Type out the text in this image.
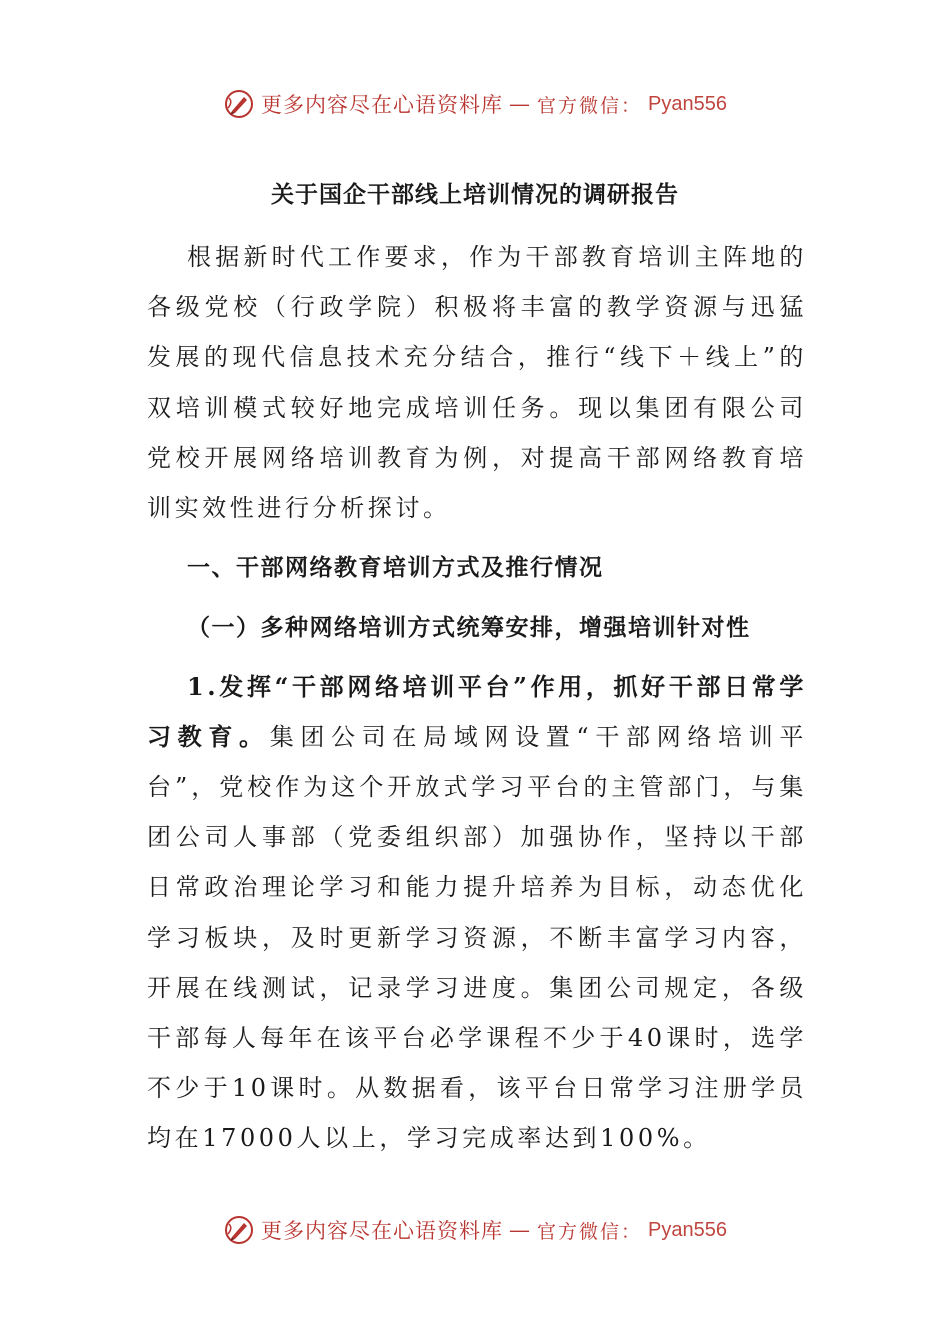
更多内容尽在心语资料库 — 官方微信： Pyan556
关于国企干部线上培训情况的调研报告

根据新时代工作要求，作为干部教育培训主阵地的各级党校（行政学院）积极将丰富的教学资源与迅猛发展的现代信息技术充分结合，推行“线下＋线上”的双培训模式较好地完成培训任务。现以集团有限公司党校开展网络培训教育为例，对提高干部网络教育培训实效性进行分析探讨。

一、干部网络教育培训方式及推行情况
（一）多种网络培训方式统筹安排，增强培训针对性

1.发挥“干部网络培训平台”作用，抓好干部日常学习教育。集团公司在局域网设置“干部网络培训平台”，党校作为这个开放式学习平台的主管部门，与集团公司人事部（党委组织部）加强协作，坚持以干部日常政治理论学习和能力提升培养为目标，动态优化学习板块，及时更新学习资源，不断丰富学习内容，开展在线测试，记录学习进度。集团公司规定，各级干部每人每年在该平台必学课程不少于40课时，选学不少于10课时。从数据看，该平台日常学习注册学员均在17000人以上，学习完成率达到100%。

更多内容尽在心语资料库 — 官方微信： Pyan556
